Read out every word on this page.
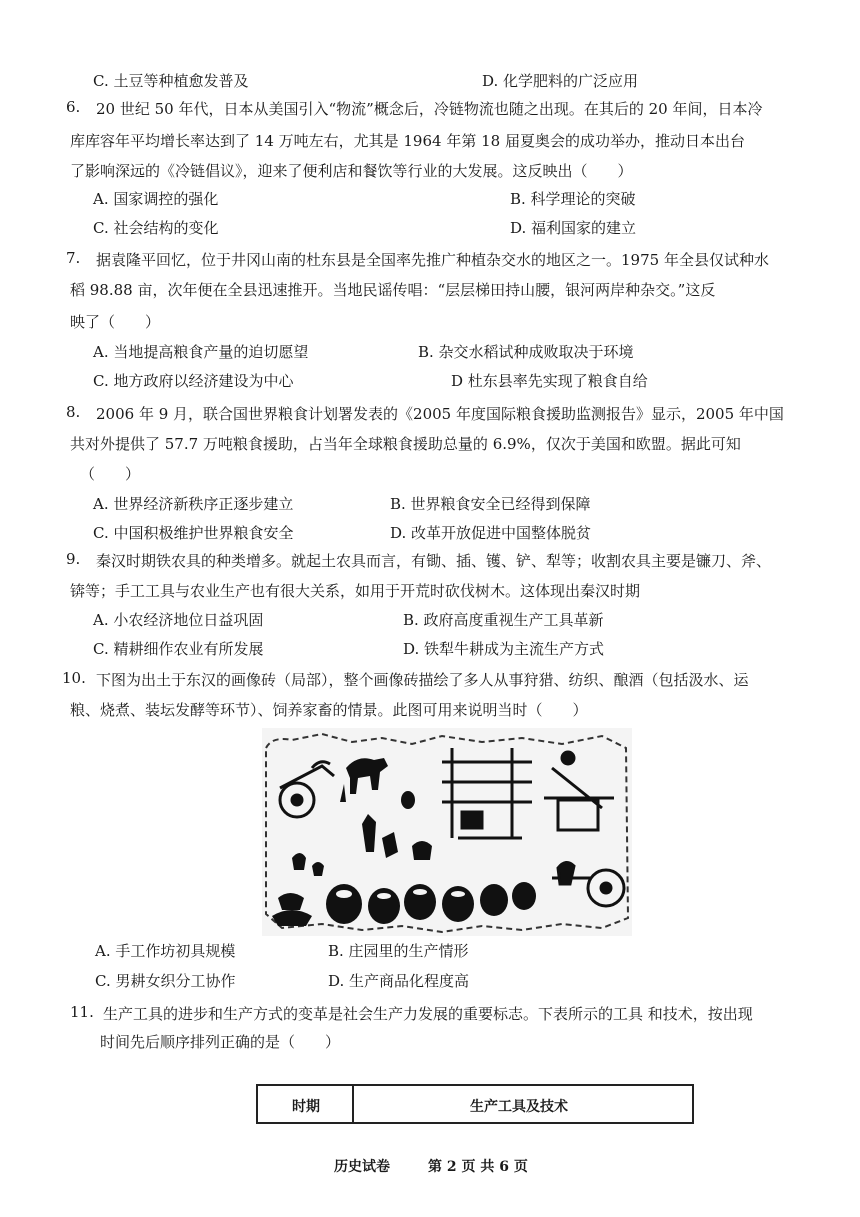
C. 土豆等种植愈发普及	D. 化学肥料的广泛应用
6. 20 世纪 50 年代，日本从美国引入“物流”概念后，冷链物流也随之出现。在其后的 20 年间，日本冷
库库容年平均增长率达到了 14 万吨左右，尤其是 1964 年第 18 届夏奥会的成功举办，推动日本出台
了影响深远的《冷链倡议》，迎来了便利店和餐饮等行业的大发展。这反映出（　　）
A. 国家调控的强化	B. 科学理论的突破
C. 社会结构的变化	D. 福利国家的建立
7. 据袁隆平回忆，位于井冈山南的杜东县是全国率先推广种植杂交水的地区之一。1975 年全县仅试种水
稻 98.88 亩，次年便在全县迅速推开。当地民谣传唱：“层层梯田持山腰，银河两岸种杂交。”这反
映了（　　）
A. 当地提高粮食产量的迫切愿望	B. 杂交水稻试种成败取决于环境
C. 地方政府以经济建设为中心	D 杜东县率先实现了粮食自给
8. 2006 年 9 月，联合国世界粮食计划署发表的《2005 年度国际粮食援助监测报告》显示，2005 年中国
共对外提供了 57.7 万吨粮食援助，占当年全球粮食援助总量的 6.9%，仅次于美国和欧盟。据此可知
（　　）
A. 世界经济新秩序正逐步建立	B. 世界粮食安全已经得到保障
C. 中国积极维护世界粮食安全	D. 改革开放促进中国整体脱贫
9. 秦汉时期铁农具的种类增多。就起土农具而言，有锄、插、镬、铲、犁等；收割农具主要是镰刀、斧、
锛等；手工工具与农业生产也有很大关系，如用于开荒时砍伐树木。这体现出秦汉时期
A. 小农经济地位日益巩固	B. 政府高度重视生产工具革新
C. 精耕细作农业有所发展	D. 铁犁牛耕成为主流生产方式
10. 下图为出土于东汉的画像砖（局部），整个画像砖描绘了多人从事狩猎、纺织、酿酒（包括汲水、运
粮、烧煮、装坛发酵等环节）、饲养家畜的情景。此图可用来说明当时（　　）
A. 手工作坊初具规模	B. 庄园里的生产情形
C. 男耕女织分工协作	D. 生产商品化程度高
11. 生产工具的进步和生产方式的变革是社会生产力发展的重要标志。下表所示的工具 和技术，按出现
时间先后顺序排列正确的是（　　）
时期	生产工具及技术
历史试卷	第 2 页 共 6 页
